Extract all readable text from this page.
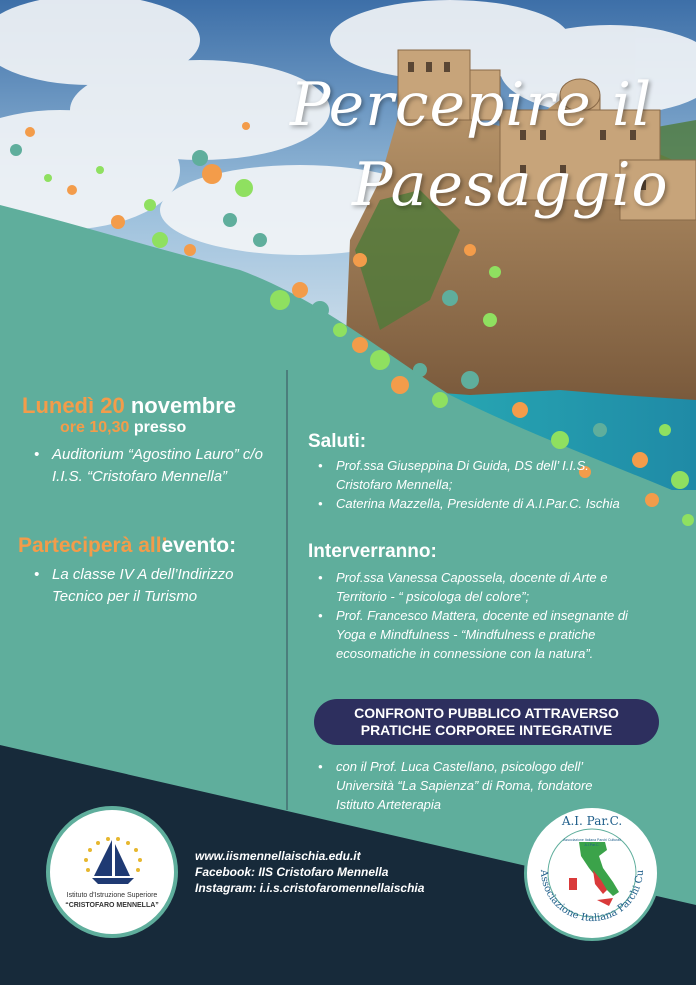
Percepire il
Paesaggio
Lunedì 20 novembre
ore 10,30 presso
• Auditorium “Agostino Lauro” c/o I.I.S. “Cristofaro Mennella”
Parteciperà all’evento:
• La classe IV A dell’Indirizzo Tecnico per il Turismo
Saluti:
• Prof.ssa Giuseppina Di Guida, DS dell’ I.I.S. Cristofaro Mennella;
• Caterina Mazzella, Presidente di A.I.Par.C. Ischia
Interverranno:
• Prof.ssa Vanessa Capossela, docente di Arte e Territorio - “ psicologa del colore”;
• Prof. Francesco Mattera, docente ed insegnante di Yoga e Mindfulness - “Mindfulness e pratiche ecosomatiche in connessione con la natura”.
CONFRONTO PUBBLICO ATTRAVERSO
PRATICHE CORPOREE INTEGRATIVE
• con il Prof. Luca Castellano, psicologo dell’ Università “La Sapienza” di Roma, fondatore Istituto Arteterapia
Istituto d’Istruzione Superiore
“CRISTOFARO MENNELLA”
www.iismennellaischia.edu.it
Facebook: IIS Cristofaro Mennella
Instagram: i.i.s.cristofaromennellaischia
Associazione Italiana Parchi Cu
A.I. Par.C.
Associazione Italiana Parchi Culturali
A.I.Par.C.
